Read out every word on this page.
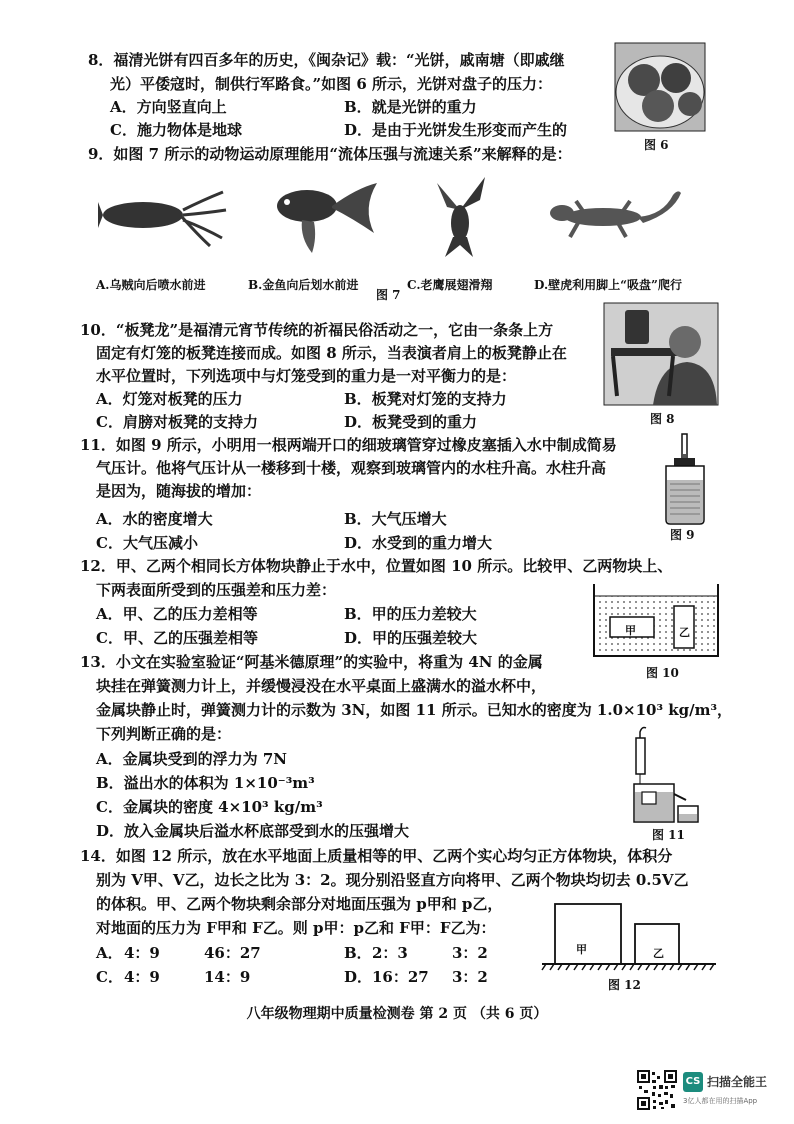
8．福清光饼有四百多年的历史，《闽杂记》载：“光饼，戚南塘（即戚继
光）平倭寇时，制供行军路食。”如图 6 所示，光饼对盘子的压力：
A．方向竖直向上	B．就是光饼的重力
C．施力物体是地球	D．是由于光饼发生形变而产生的
图 6
9．如图 7 所示的动物运动原理能用“流体压强与流速关系”来解释的是：
A.乌贼向后喷水前进	B.金鱼向后划水前进
图 7
C.老鹰展翅滑翔	D.壁虎利用脚上“吸盘”爬行
10．“板凳龙”是福清元宵节传统的祈福民俗活动之一，它由一条条上方
固定有灯笼的板凳连接而成。如图 8 所示，当表演者肩上的板凳静止在
水平位置时，下列选项中与灯笼受到的重力是一对平衡力的是：
A．灯笼对板凳的压力	B．板凳对灯笼的支持力
C．肩膀对板凳的支持力	D．板凳受到的重力	图 8
11．如图 9 所示，小明用一根两端开口的细玻璃管穿过橡皮塞插入水中制成简易
气压计。他将气压计从一楼移到十楼，观察到玻璃管内的水柱升高。水柱升高
是因为，随海拔的增加：
A．水的密度增大	B．大气压增大
C．大气压减小	D．水受到的重力增大	图 9
12．甲、乙两个相同长方体物块静止于水中，位置如图 10 所示。比较甲、乙两物块上、
下两表面所受到的压强差和压力差：
A．甲、乙的压力差相等	B．甲的压力差较大
C．甲、乙的压强差相等	D．甲的压强差较大	甲	乙
图 10
13．小文在实验室验证“阿基米德原理”的实验中，将重为 4N 的金属
块挂在弹簧测力计上，并缓慢浸没在水平桌面上盛满水的溢水杯中，
金属块静止时，弹簧测力计的示数为 3N，如图 11 所示。已知水的密度为 1.0×10³ kg/m³，
下列判断正确的是：
A．金属块受到的浮力为 7N
B．溢出水的体积为 1×10⁻³m³
C．金属块的密度 4×10³ kg/m³
D．放入金属块后溢水杯底部受到水的压强增大	图 11
14．如图 12 所示，放在水平地面上质量相等的甲、乙两个实心均匀正方体物块，体积分
别为 V甲、V乙，边长之比为 3：2。现分别沿竖直方向将甲、乙两个物块均切去 0.5V乙
的体积。甲、乙两个物块剩余部分对地面压强为 p甲和 p乙，
对地面的压力为 F甲和 F乙。则 p甲：p乙和 F甲：F乙为：
A． 4：9	46：27	B． 2：3	3：2
C． 4：9	14：9	D． 16：27 3：2
甲	乙
图 12
八年级物理期中质量检测卷 第 2 页 （共 6 页）
CS 扫描全能王
3亿人都在用的扫描App
